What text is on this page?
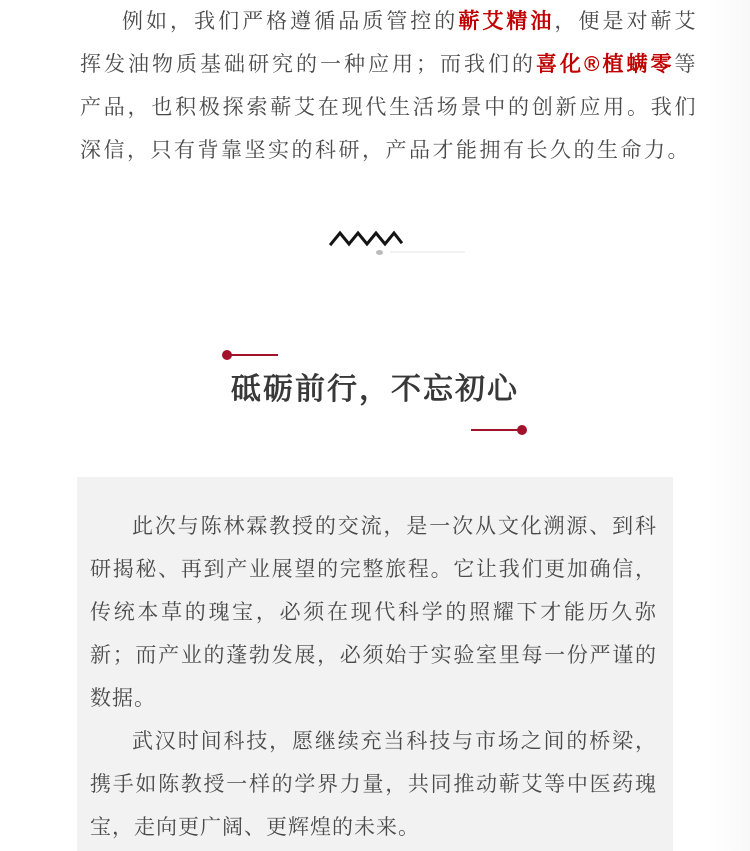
例如，我们严格遵循品质管控的蕲艾精油，便是对蕲艾挥发油物质基础研究的一种应用；而我们的喜化®植螨零等产品，也积极探索蕲艾在现代生活场景中的创新应用。我们深信，只有背靠坚实的科研，产品才能拥有长久的生命力。

砥砺前行，不忘初心

此次与陈林霖教授的交流，是一次从文化溯源、到科研揭秘、再到产业展望的完整旅程。它让我们更加确信，传统本草的瑰宝，必须在现代科学的照耀下才能历久弥新；而产业的蓬勃发展，必须始于实验室里每一份严谨的数据。

武汉时间科技，愿继续充当科技与市场之间的桥梁，携手如陈教授一样的学界力量，共同推动蕲艾等中医药瑰宝，走向更广阔、更辉煌的未来。
